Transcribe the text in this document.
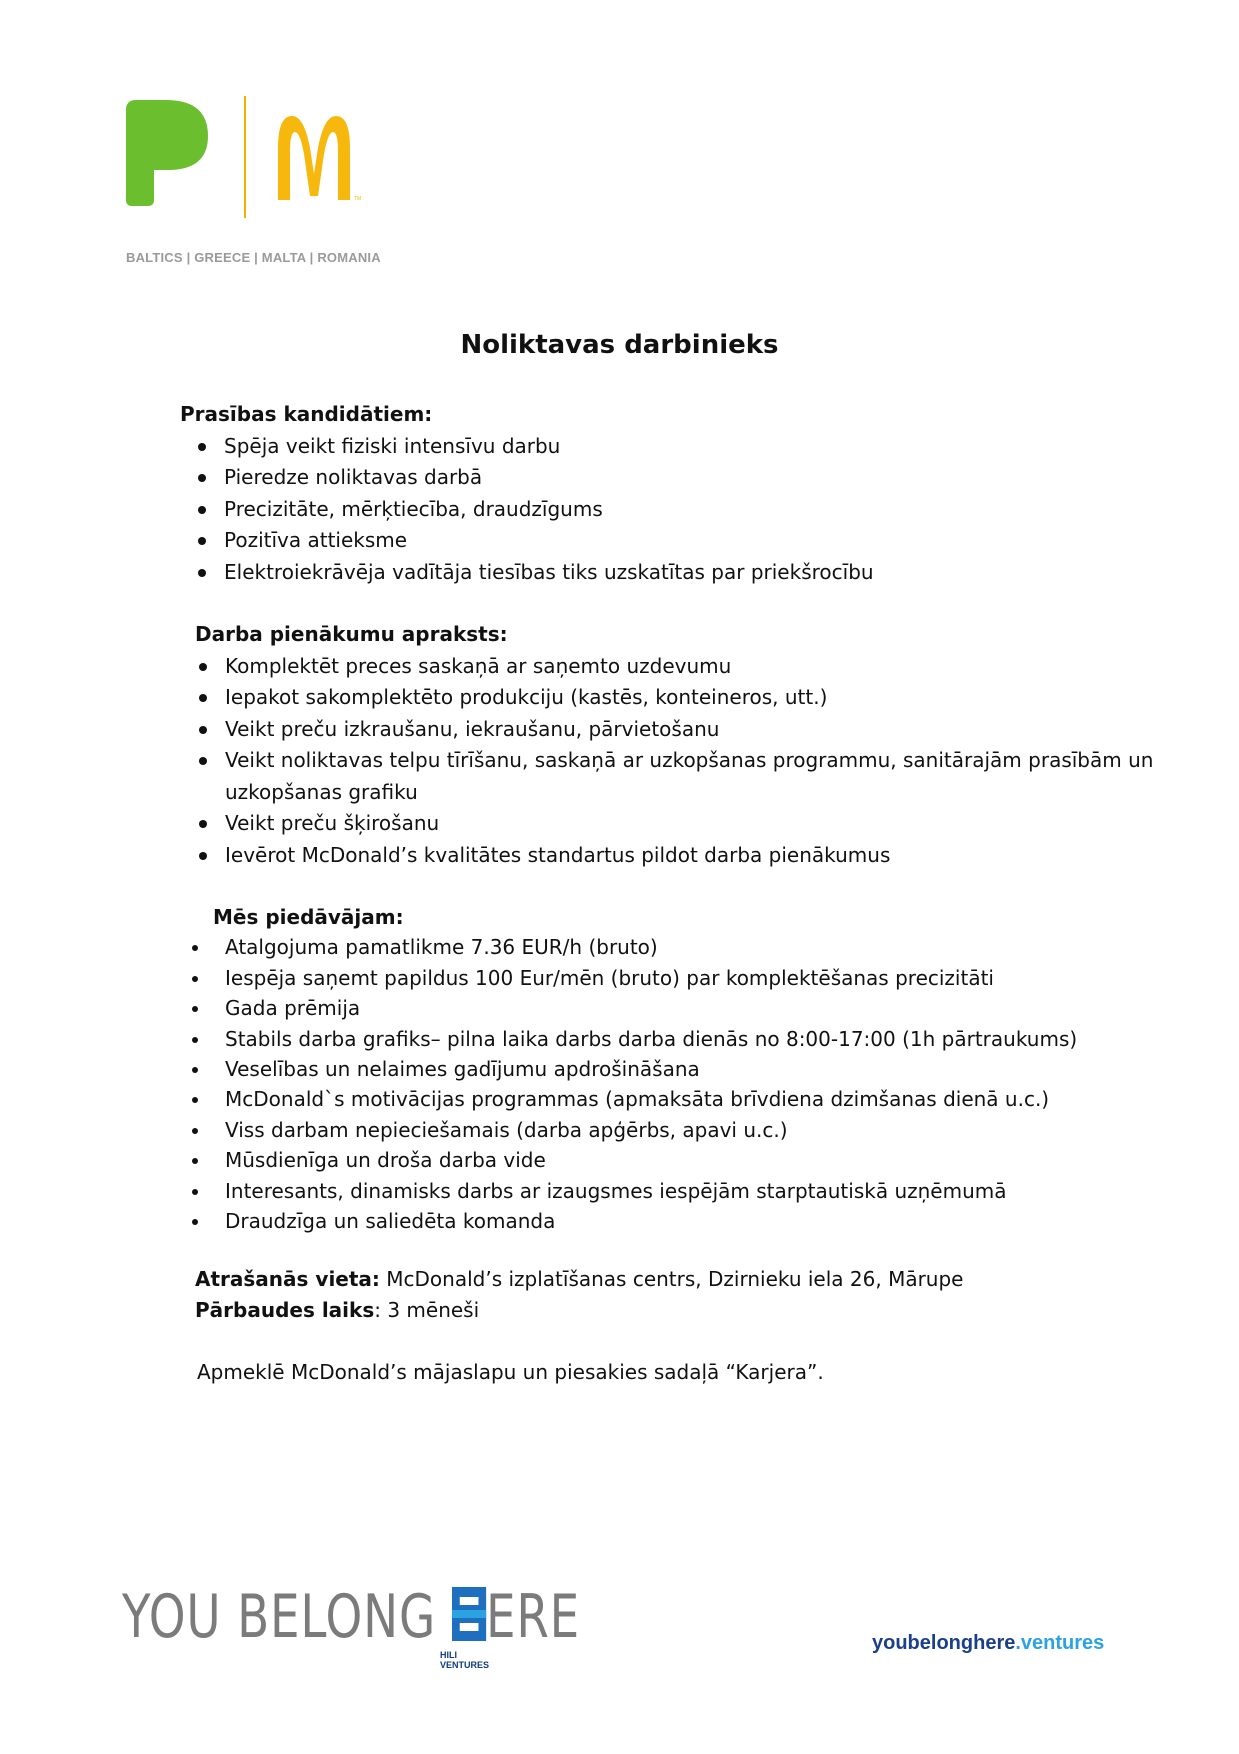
TM
BALTICS | GREECE | MALTA | ROMANIA
Noliktavas darbinieks
Prasības kandidātiem:
Spēja veikt fiziski intensīvu darbu
Pieredze noliktavas darbā
Precizitāte, mērķtiecība, draudzīgums
Pozitīva attieksme
Elektroiekrāvēja vadītāja tiesības tiks uzskatītas par priekšrocību
Darba pienākumu apraksts:
Komplektēt preces saskaņā ar saņemto uzdevumu
Iepakot sakomplektēto produkciju (kastēs, konteineros, utt.)
Veikt preču izkraušanu, iekraušanu, pārvietošanu
Veikt noliktavas telpu tīrīšanu, saskaņā ar uzkopšanas programmu, sanitārajām prasībām un uzkopšanas grafiku
Veikt preču šķirošanu
Ievērot McDonald’s kvalitātes standartus pildot darba pienākumus
Mēs piedāvājam:
Atalgojuma pamatlikme 7.36 EUR/h (bruto)
Iespēja saņemt papildus 100 Eur/mēn (bruto) par komplektēšanas precizitāti
Gada prēmija
Stabils darba grafiks– pilna laika darbs darba dienās no 8:00-17:00 (1h pārtraukums)
Veselības un nelaimes gadījumu apdrošināšana
McDonald`s motivācijas programmas (apmaksāta brīvdiena dzimšanas dienā u.c.)
Viss darbam nepieciešamais (darba apģērbs, apavi u.c.)
Mūsdienīga un droša darba vide
Interesants, dinamisks darbs ar izaugsmes iespējām starptautiskā uzņēmumā
Draudzīga un saliedēta komanda
Atrašanās vieta: McDonald’s izplatīšanas centrs, Dzirnieku iela 26, Mārupe
Pārbaudes laiks: 3 mēneši
Apmeklē McDonald’s mājaslapu un piesakies sadaļā “Karjera”.
YOU BELONG ERE
HILI
VENTURES
youbelonghere.ventures
